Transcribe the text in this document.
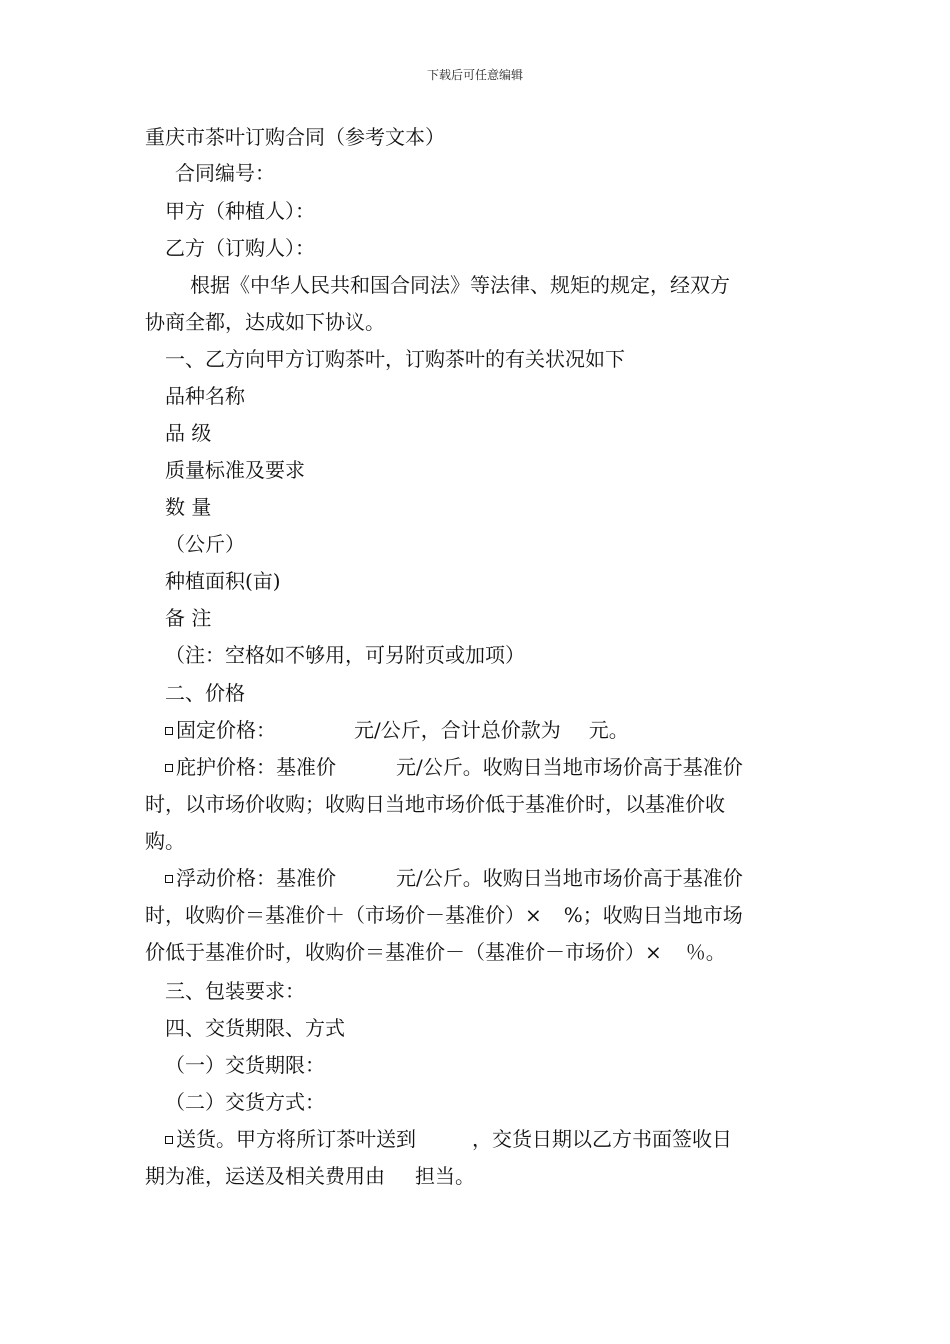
下载后可任意编辑
重庆市茶叶订购合同（参考文本）
合同编号：
甲方（种植人）：
乙方（订购人）：
根据《中华人民共和国合同法》等法律、规矩的规定，经双方
协商全都，达成如下协议。
一、乙方向甲方订购茶叶，订购茶叶的有关状况如下
品种名称
品 级
质量标准及要求
数 量
（公斤）
种植面积(亩)
备 注
（注：空格如不够用，可另附页或加项）
二、价格
固定价格：	元/公斤，合计总价款为 元。
庇护价格：基准价	元/公斤。收购日当地市场价高于基准价
时，以市场价收购；收购日当地市场价低于基准价时，以基准价收
购。
浮动价格：基准价	元/公斤。收购日当地市场价高于基准价
时，收购价＝基准价＋（市场价－基准价）× %；收购日当地市场
价低于基准价时，收购价＝基准价－（基准价－市场价）× ％。
三、包装要求：
四、交货期限、方式
（一）交货期限：
（二）交货方式：
送货。甲方将所订茶叶送到	，交货日期以乙方书面签收日
期为准，运送及相关费用由 担当。
